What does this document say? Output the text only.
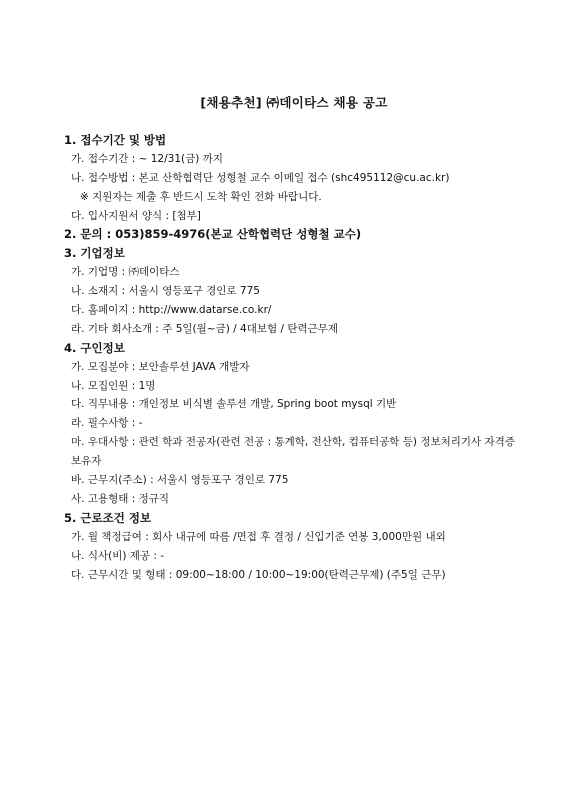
[채용추천] ㈜데이타스 채용 공고
1. 접수기간 및 방법
가. 접수기간 : ~ 12/31(금) 까지
나. 접수방법 : 본교 산학협력단 성형철 교수 이메일 접수 (shc495112@cu.ac.kr)
※ 지원자는 제출 후 반드시 도착 확인 전화 바랍니다.
다. 입사지원서 양식 : [첨부]
2. 문의 : 053)859-4976(본교 산학협력단 성형철 교수)
3. 기업정보
가. 기업명 : ㈜데이타스
나. 소재지 : 서울시 영등포구 경인로 775
다. 홈페이지 : http://www.datarse.co.kr/
라. 기타 회사소개 : 주 5일(월~금) / 4대보험 / 탄력근무제
4. 구인정보
가. 모집분야 : 보안솔루션 JAVA 개발자
나. 모집인원 : 1명
다. 직무내용 : 개인정보 비식별 솔루션 개발, Spring boot mysql 기반
라. 필수사항 : -
마. 우대사항 : 관련 학과 전공자(관련 전공 : 통계학, 전산학, 컴퓨터공학 등) 정보처리기사 자격증 보유자
바. 근무지(주소) : 서울시 영등포구 경인로 775
사. 고용형태 : 정규직
5. 근로조건 정보
가. 월 책정급여 : 회사 내규에 따름 /면접 후 결정 / 신입기준 연봉 3,000만원 내외
나. 식사(비) 제공 : -
다. 근무시간 및 형태 : 09:00~18:00 / 10:00~19:00(탄력근무제) (주5일 근무)
